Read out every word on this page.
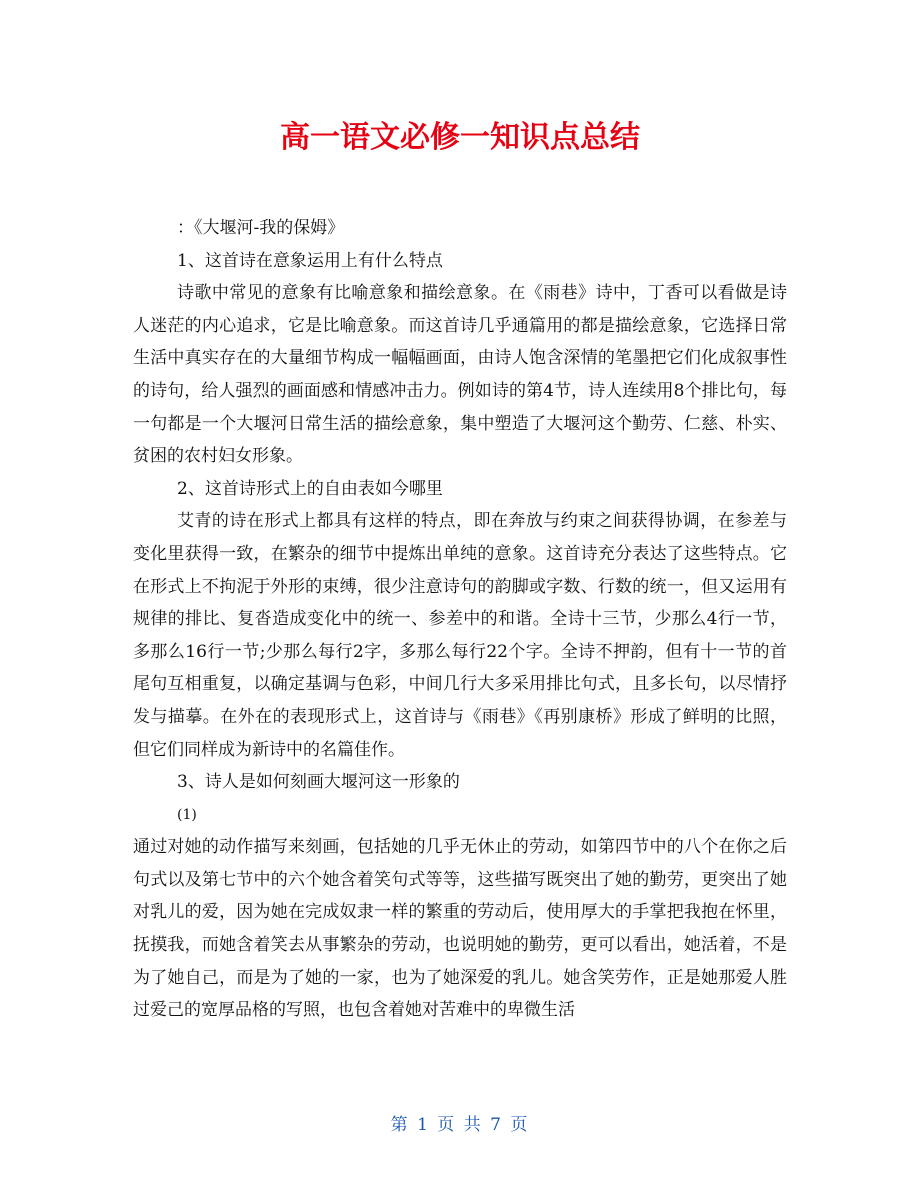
高一语文必修一知识点总结

：《大堰河-我的保姆》

1、这首诗在意象运用上有什么特点

诗歌中常见的意象有比喻意象和描绘意象。在《雨巷》诗中，丁香可以看做是诗人迷茫的内心追求，它是比喻意象。而这首诗几乎通篇用的都是描绘意象，它选择日常生活中真实存在的大量细节构成一幅幅画面，由诗人饱含深情的笔墨把它们化成叙事性的诗句，给人强烈的画面感和情感冲击力。例如诗的第4节，诗人连续用8个排比句，每一句都是一个大堰河日常生活的描绘意象，集中塑造了大堰河这个勤劳、仁慈、朴实、贫困的农村妇女形象。

2、这首诗形式上的自由表如今哪里

艾青的诗在形式上都具有这样的特点，即在奔放与约束之间获得协调，在参差与变化里获得一致，在繁杂的细节中提炼出单纯的意象。这首诗充分表达了这些特点。它在形式上不拘泥于外形的束缚，很少注意诗句的韵脚或字数、行数的统一，但又运用有规律的排比、复沓造成变化中的统一、参差中的和谐。全诗十三节，少那么4行一节，多那么16行一节;少那么每行2字，多那么每行22个字。全诗不押韵，但有十一节的首尾句互相重复，以确定基调与色彩，中间几行大多采用排比句式，且多长句，以尽情抒发与描摹。在外在的表现形式上，这首诗与《雨巷》《再别康桥》形成了鲜明的比照，但它们同样成为新诗中的名篇佳作。

3、诗人是如何刻画大堰河这一形象的

(1)

通过对她的动作描写来刻画，包括她的几乎无休止的劳动，如第四节中的八个在你之后句式以及第七节中的六个她含着笑句式等等，这些描写既突出了她的勤劳，更突出了她对乳儿的爱，因为她在完成奴隶一样的繁重的劳动后，使用厚大的手掌把我抱在怀里，抚摸我，而她含着笑去从事繁杂的劳动，也说明她的勤劳，更可以看出，她活着，不是为了她自己，而是为了她的一家，也为了她深爱的乳儿。她含笑劳作，正是她那爱人胜过爱己的宽厚品格的写照，也包含着她对苦难中的卑微生活

第 1 页 共 7 页
